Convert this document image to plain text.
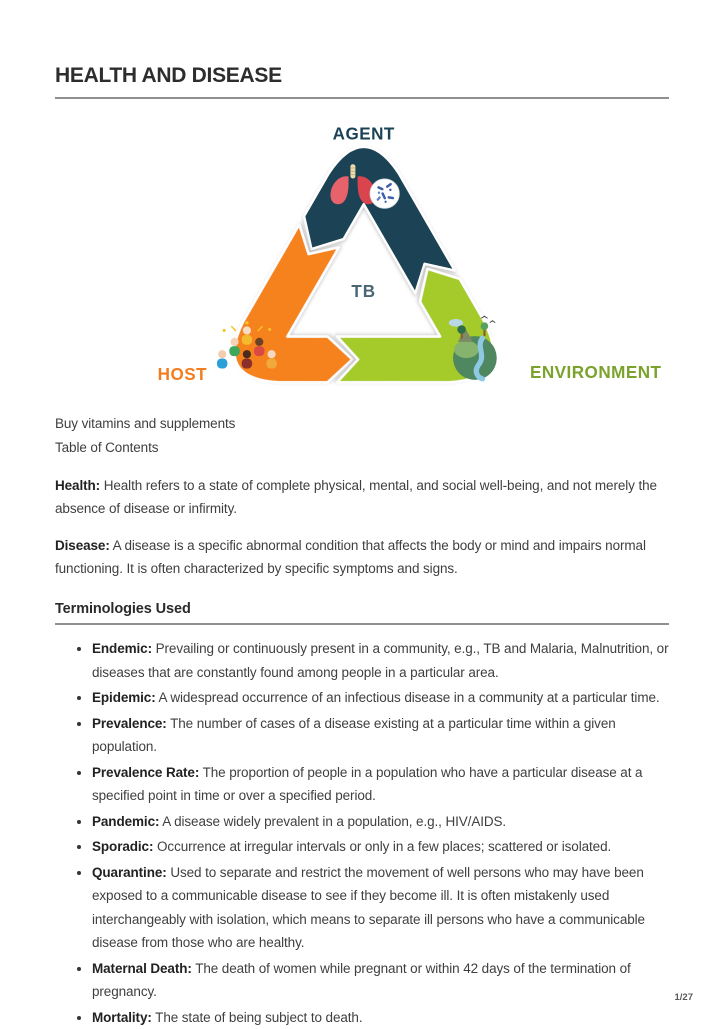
HEALTH AND DISEASE
AGENT
HOST	ENVIRONMENT
TB

Buy vitamins and supplements

Table of Contents

Health: Health refers to a state of complete physical, mental, and social well-being, and not merely the absence of disease or infirmity.

Disease: A disease is a specific abnormal condition that affects the body or mind and impairs normal functioning. It is often characterized by specific symptoms and signs.

Terminologies Used
• Endemic: Prevailing or continuously present in a community, e.g., TB and Malaria, Malnutrition, or diseases that are constantly found among people in a particular area.
• Epidemic: A widespread occurrence of an infectious disease in a community at a particular time.
• Prevalence: The number of cases of a disease existing at a particular time within a given population.
• Prevalence Rate: The proportion of people in a population who have a particular disease at a specified point in time or over a specified period.
• Pandemic: A disease widely prevalent in a population, e.g., HIV/AIDS.
• Sporadic: Occurrence at irregular intervals or only in a few places; scattered or isolated.
• Quarantine: Used to separate and restrict the movement of well persons who may have been exposed to a communicable disease to see if they become ill. It is often mistakenly used interchangeably with isolation, which means to separate ill persons who have a communicable disease from those who are healthy.
• Maternal Death: The death of women while pregnant or within 42 days of the termination of pregnancy.
• Mortality: The state of being subject to death.
1/27
